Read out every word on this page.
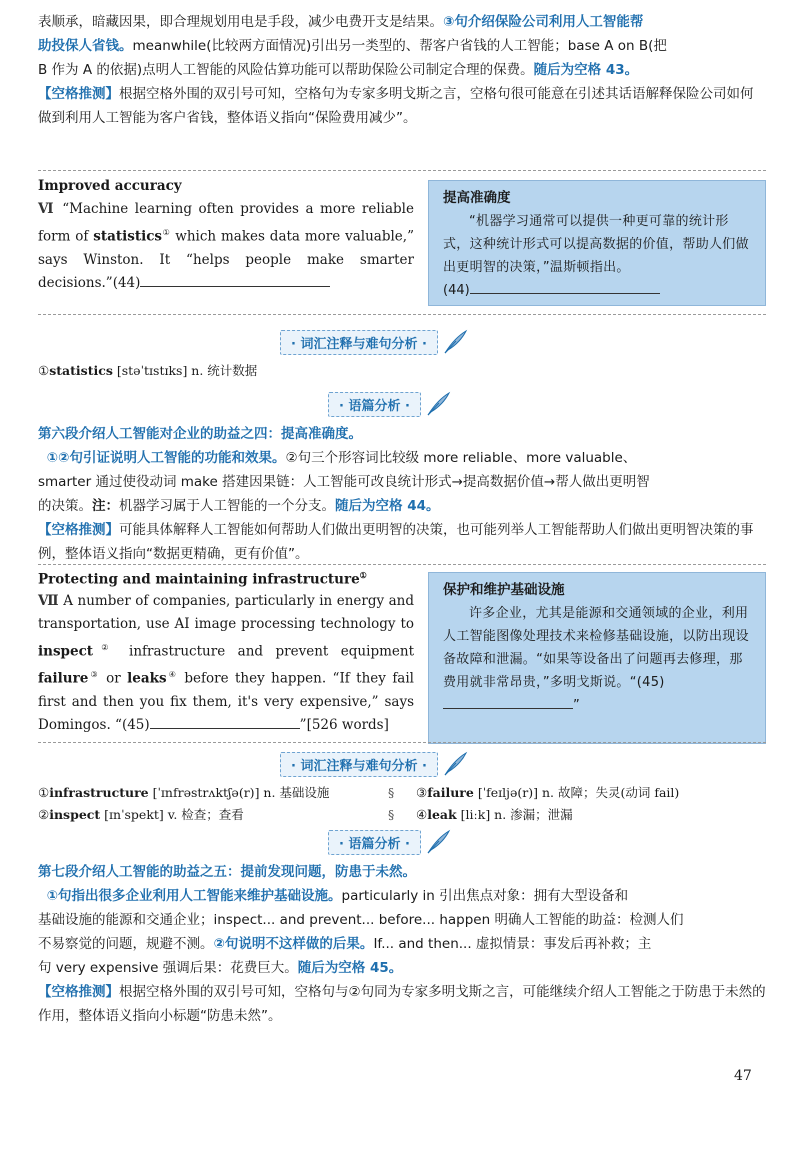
表顺承，暗藏因果，即合理规划用电是手段，减少电费开支是结果。③句介绍保险公司利用人工智能帮
助投保人省钱。meanwhile(比较两方面情况)引出另一类型的、帮客户省钱的人工智能；base A on B(把
B 作为 A 的依据)点明人工智能的风险估算功能可以帮助保险公司制定合理的保费。随后为空格 43。
【空格推测】根据空格外围的双引号可知，空格句为专家多明戈斯之言，空格句很可能意在引述其话语解释保险公司如何做到利用人工智能为客户省钱，整体语义指向“保险费用减少”。
Improved accuracy
Ⅵ “Machine learning often provides a more reliable form of statistics① which makes data more valuable,” says Winston. It “helps people make smarter decisions.”(44)
提高准确度
“机器学习通常可以提供一种更可靠的统计形式，这种统计形式可以提高数据的价值，帮助人们做出更明智的决策，”温斯顿指出。
(44)
· 词汇注释与难句分析 ·
①statistics [stəˈtɪstɪks] n. 统计数据
· 语篇分析 ·
第六段介绍人工智能对企业的助益之四：提高准确度。
①②句引证说明人工智能的功能和效果。②句三个形容词比较级 more reliable、more valuable、
smarter 通过使役动词 make 搭建因果链：人工智能可改良统计形式→提高数据价值→帮人做出更明智
的决策。注：机器学习属于人工智能的一个分支。随后为空格 44。
【空格推测】可能具体解释人工智能如何帮助人们做出更明智的决策，也可能列举人工智能帮助人们做出更明智决策的事例，整体语义指向“数据更精确，更有价值”。
Protecting and maintaining infrastructure①
Ⅶ A number of companies, particularly in energy and transportation, use AI image processing technology to inspect② infrastructure and prevent equipment failure③ or leaks④ before they happen. “If they fail first and then you fix them, it's very expensive,” says Domingos. “(45)	”[526 words]
保护和维护基础设施
许多企业，尤其是能源和交通领域的企业，利用人工智能图像处理技术来检修基础设施，以防出现设备故障和泄漏。“如果等设备出了问题再去修理，那费用就非常昂贵，”多明戈斯说。“(45)”
· 词汇注释与难句分析 ·
①infrastructure [ˈɪnfrəstrʌktʃə(r)] n. 基础设施
②inspect [ɪnˈspekt] v. 检查；查看
§
§
③failure [ˈfeɪljə(r)] n. 故障；失灵(动词 fail)
④leak [liːk] n. 渗漏；泄漏
· 语篇分析 ·
第七段介绍人工智能的助益之五：提前发现问题，防患于未然。
①句指出很多企业利用人工智能来维护基础设施。particularly in 引出焦点对象：拥有大型设备和
基础设施的能源和交通企业；inspect... and prevent... before... happen 明确人工智能的助益：检测人们
不易察觉的问题，规避不测。②句说明不这样做的后果。If... and then... 虚拟情景：事发后再补救；主
句 very expensive 强调后果：花费巨大。随后为空格 45。
【空格推测】根据空格外围的双引号可知，空格句与②句同为专家多明戈斯之言，可能继续介绍人工智能之于防患于未然的作用，整体语义指向小标题“防患未然”。
47
